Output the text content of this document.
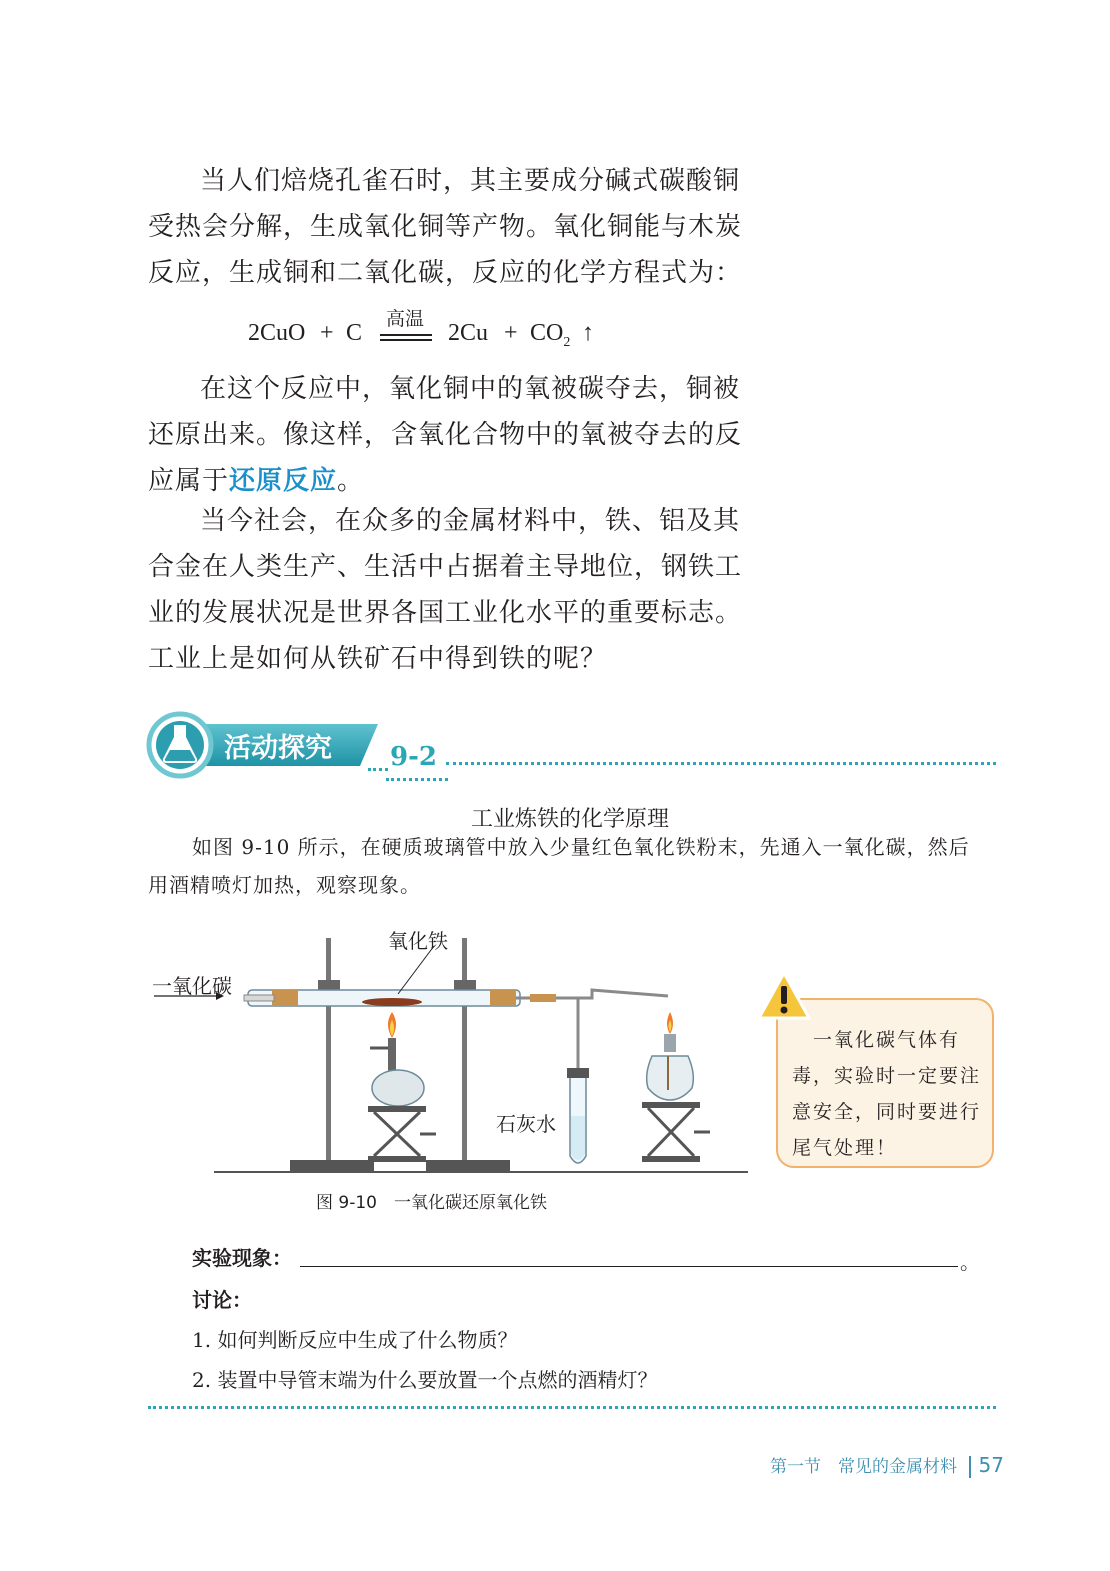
当人们焙烧孔雀石时，其主要成分碱式碳酸铜
受热会分解，生成氧化铜等产物。氧化铜能与木炭
反应，生成铜和二氧化碳，反应的化学方程式为：
2CuO + C
高温
$2Cu + CO_2$ ↑
在这个反应中，氧化铜中的氧被碳夺去，铜被
还原出来。像这样，含氧化合物中的氧被夺去的反
应属于还原反应。
当今社会，在众多的金属材料中，铁、铝及其
合金在人类生产、生活中占据着主导地位，钢铁工
业的发展状况是世界各国工业化水平的重要标志。
工业上是如何从铁矿石中得到铁的呢？
活动探究 9-2
工业炼铁的化学原理
如图 9-10 所示，在硬质玻璃管中放入少量红色氧化铁粉末，先通入一氧化碳，然后
用酒精喷灯加热，观察现象。
氧化铁
一氧化碳
石灰水
　一氧化碳气体有
毒，实验时一定要注
意安全，同时要进行
尾气处理！
图 9-10　一氧化碳还原氧化铁
实验现象：	。
讨论：
1. 如何判断反应中生成了什么物质？
2. 装置中导管末端为什么要放置一个点燃的酒精灯？
第一节　常见的金属材料 57
